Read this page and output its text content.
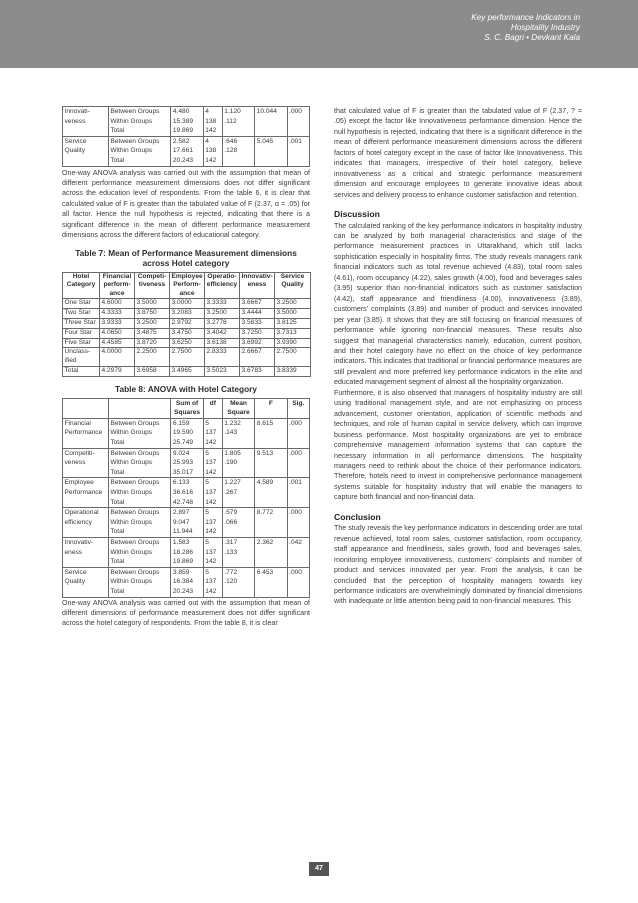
Key performance Indicators in
Hospitality Industry
S. C. Bagri • Devkant Kala
Innovati-
veness	Between Groups
Within Groups
Total	4.480
15.389
19.869	4
138
142	1.120
.112	10.044	.000

Service
Quality	Between Groups
Within Groups
Total	2.582
17.661
20.243	4
138
142	.646
.128	5.045	.001

One-way ANOVA analysis was carried out with the assumption that mean of different performance measurement dimensions does not differ significant across the education level of respondents. From the table 6, it is clear that calculated value of F is greater than the tabulated value of F (2.37, α = .05) for all factor. Hence the null hypothesis is rejected, indicating that there is a significant difference in the mean of different performance measurement dimensions across the different factors of educational category.

Table 7: Mean of Performance Measurement dimensions across Hotel category
Hotel
Category	Financial
perform-
ance	Competi-
tiveness	Employee
Perform-
ance	Operatio-
efficiency	Innovativ-
eness	Service
Quality

One Star	4.6000	3.5000	3.0000	3.3333	3.6667	3.2500

Two Star	4.3333	3.8750	3.2083	3.2500	3.4444	3.5000

Three Star	3.9333	3.2500	2.9792	3.2778	3.5833	3.8125

Four Star	4.0650	3.4875	3.4750	3.4042	3.7250	3.7313

Five Star	4.4585	3.8720	3.6250	3.6138	3.6992	3.9390

Unclass-
ified	4.0000	2.2500	2.7500	2.8333	2.6667	2.7500

Total	4.2979	3.6958	3.4965	3.5023	3.6783	3.8339
Table 8: ANOVA with Hotel Category

		Sum of
Squares	df	Mean
Square	F	Sig.

Financial
Performance	Between Groups
Within Groups
Total	6.159
19.590
25.749	5
137
142	1.232
.143	8.615	.000

Competiti-
veness	Between Groups
Within Groups
Total	9.024
25.993
35.017	5
137
142	1.805
.190	9.513	.000

Employee
Performance	Between Groups
Within Groups
Total	6.133
36.616
42.748	5
137
142	1.227
.267	4.589	.001

Operational
efficiency	Between Groups
Within Groups
Total	2.897
9.047
11.944	5
137
142	.579
.066	8.772	.000

Innovativ-
eness	Between Groups
Within Groups
Total	1.583
18.286
19.869	5
137
142	.317
.133	2.362	.042

Service
Quality	Between Groups
Within Groups
Total	3.859
16.384
20.243	5
137
142	.772
.120	6.453	.000

One-way ANOVA analysis was carried out with the assumption that mean of different dimensions of performance measurement does not differ significant across the hotel category of respondents. From the table 8, it is clear

that calculated value of F is greater than the tabulated value of F (2.37, ? = .05) except the factor like Innovativeness performance dimension. Hence the null hypothesis is rejected, indicating that there is a significant difference in the mean of different performance measurement dimensions across the different factors of hotel category except in the case of factor like Innovativeness. This indicates that managers, irrespective of their hotel category, believe innovativeness as a critical and strategic performance measurement dimension and encourage employees to generate innovative ideas about services and delivery process to enhance customer satisfaction and retention.

Discussion

The calculated ranking of the key performance indicators in hospitality industry can be analyzed by both managerial characteristics and stage of the performance measurement practices in Uttarakhand, which still lacks sophistication especially in hospitality firms. The study reveals managers rank financial indicators such as total revenue achieved (4.83), total room sales (4.61), room occupancy (4.22), sales growth (4.00), food and beverages sales (3.95) superior than non-financial indicators such as customer satisfaction (4.42), staff appearance and friendliness (4.00), innovativeness (3.89), customers' complaints (3.89) and number of product and services innovated per year (3.85). It shows that they are still focusing on financial measures of performance while ignoring non-financial measures. These results also suggest that managerial characteristics namely, education, current position, and their hotel category have no effect on the choice of key performance indicators. This indicates that traditional or financial performance measures are still prevalent and more preferred key performance indicators in the elite and educated management segment of almost all the hospitality organization.

Furthermore, it is also observed that managers of hospitality industry are still using traditional management style, and are not emphasizing on process advancement, customer orientation, application of scientific methods and techniques, and role of human capital in service delivery, which can improve business performance. Most hospitality organizations are yet to embrace comprehensive management information systems that can capture the necessary information in all performance dimensions. The hospitality managers need to rethink about the choice of their performance indicators. Therefore, hotels need to invest in comprehensive performance management systems suitable for hospitality industry that will enable the managers to capture both financial and non-financial data.

Conclusion

The study reveals the key performance indicators in descending order are total revenue achieved, total room sales, customer satisfaction, room occupancy, staff appearance and friendliness, sales growth, food and beverages sales, monitoring employee innovativeness, customers' complaints and number of product and services innovated per year. From the analysis, it can be concluded that the perception of hospitality managers towards key performance indicators are overwhelmingly dominated by financial dimensions with inadequate or little attention being paid to non-financial measures. This

47
